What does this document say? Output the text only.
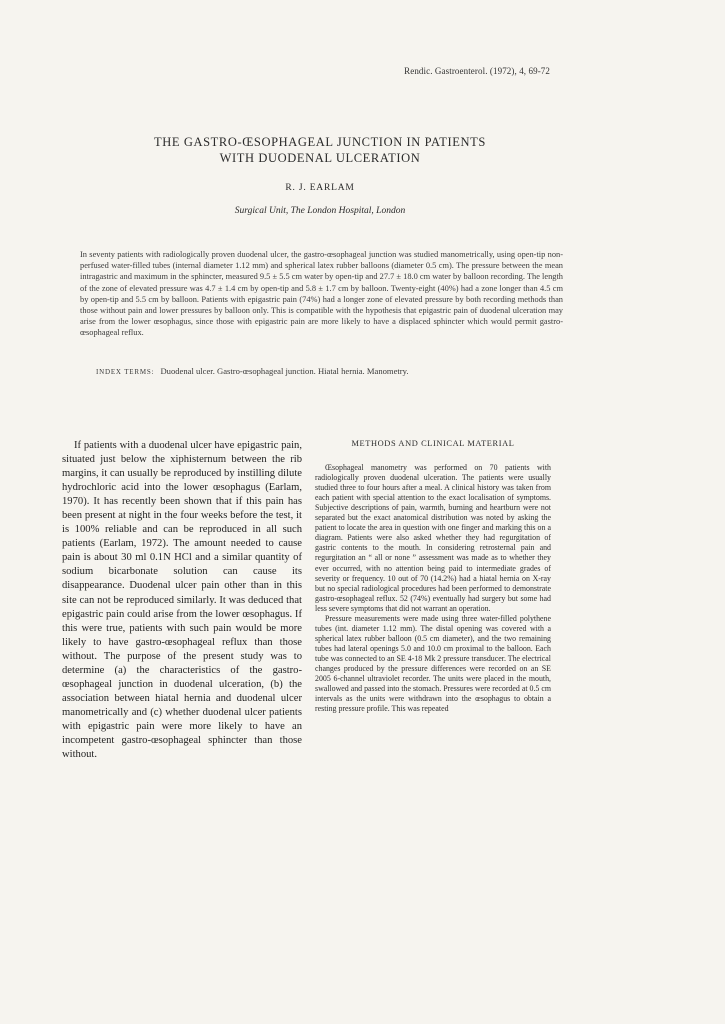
Rendic. Gastroenterol. (1972), 4, 69-72
THE GASTRO-ŒSOPHAGEAL JUNCTION IN PATIENTS
WITH DUODENAL ULCERATION
R. J. EARLAM
Surgical Unit, The London Hospital, London
In seventy patients with radiologically proven duodenal ulcer, the gastro-œsophageal junction was studied manometrically, using open-tip non-perfused water-filled tubes (internal diameter 1.12 mm) and spherical latex rubber balloons (diameter 0.5 cm). The pressure between the mean intragastric and maximum in the sphincter, measured 9.5 ± 5.5 cm water by open-tip and 27.7 ± 18.0 cm water by balloon recording. The length of the zone of elevated pressure was 4.7 ± 1.4 cm by open-tip and 5.8 ± 1.7 cm by balloon. Twenty-eight (40%) had a zone longer than 4.5 cm by open-tip and 5.5 cm by balloon. Patients with epigastric pain (74%) had a longer zone of elevated pressure by both recording methods than those without pain and lower pressures by balloon only. This is compatible with the hypothesis that epigastric pain of duodenal ulceration may arise from the lower œsophagus, since those with epigastric pain are more likely to have a displaced sphincter which would permit gastro-œsophageal reflux.
INDEX TERMS: Duodenal ulcer. Gastro-œsophageal junction. Hiatal hernia. Manometry.

If patients with a duodenal ulcer have epigastric pain, situated just below the xiphisternum between the rib margins, it can usually be reproduced by instilling dilute hydrochloric acid into the lower œsophagus (Earlam, 1970). It has recently been shown that if this pain has been present at night in the four weeks before the test, it is 100% reliable and can be reproduced in all such patients (Earlam, 1972). The amount needed to cause pain is about 30 ml 0.1N HCl and a similar quantity of sodium bicarbonate solution can cause its disappearance. Duodenal ulcer pain other than in this site can not be reproduced similarly. It was deduced that epigastric pain could arise from the lower œsophagus. If this were true, patients with such pain would be more likely to have gastro-œsophageal reflux than those without. The purpose of the present study was to determine (a) the characteristics of the gastro-œsophageal junction in duodenal ulceration, (b) the association between hiatal hernia and duodenal ulcer manometrically and (c) whether duodenal ulcer patients with epigastric pain were more likely to have an incompetent gastro-œsophageal sphincter than those without.

METHODS AND CLINICAL MATERIAL

Œsophageal manometry was performed on 70 patients with radiologically proven duodenal ulceration. The patients were usually studied three to four hours after a meal. A clinical history was taken from each patient with special attention to the exact localisation of symptoms. Subjective descriptions of pain, warmth, burning and heartburn were not separated but the exact anatomical distribution was noted by asking the patient to locate the area in question with one finger and marking this on a diagram. Patients were also asked whether they had regurgitation of gastric contents to the mouth. In considering retrosternal pain and regurgitation an “ all or none ” assessment was made as to whether they ever occurred, with no attention being paid to intermediate grades of severity or frequency. 10 out of 70 (14.2%) had a hiatal hernia on X-ray but no special radiological procedures had been performed to demonstrate gastro-œsophageal reflux. 52 (74%) eventually had surgery but some had less severe symptoms that did not warrant an operation.

Pressure measurements were made using three water-filled polythene tubes (int. diameter 1.12 mm). The distal opening was covered with a spherical latex rubber balloon (0.5 cm diameter), and the two remaining tubes had lateral openings 5.0 and 10.0 cm proximal to the balloon. Each tube was connected to an SE 4-18 Mk 2 pressure transducer. The electrical changes produced by the pressure differences were recorded on an SE 2005 6-channel ultraviolet recorder. The units were placed in the mouth, swallowed and passed into the stomach. Pressures were recorded at 0.5 cm intervals as the units were withdrawn into the œsophagus to obtain a resting pressure profile. This was repeated
